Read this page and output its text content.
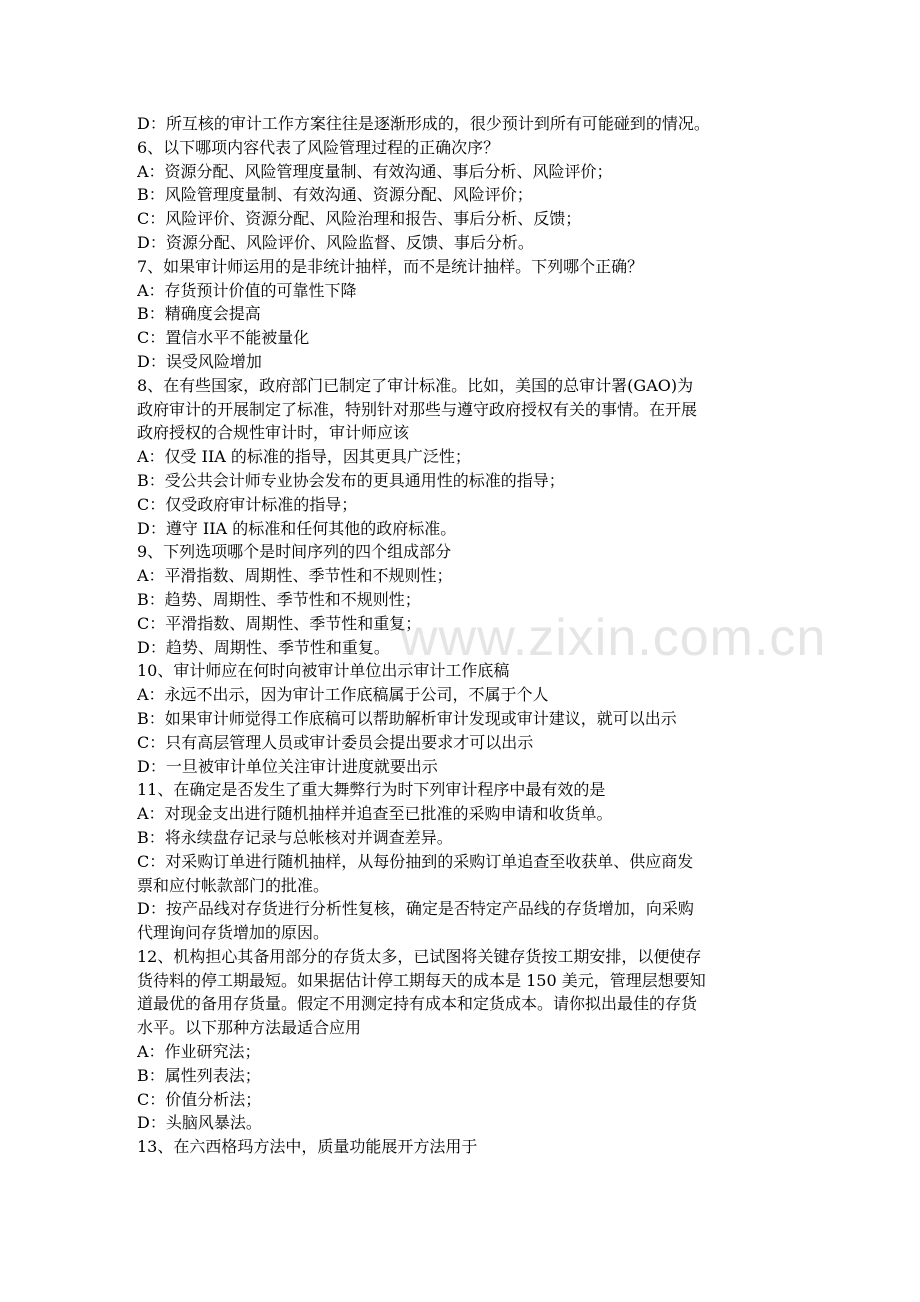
D：所互核的审计工作方案往往是逐渐形成的，很少预计到所有可能碰到的情况。
6、以下哪项内容代表了风险管理过程的正确次序？
A：资源分配、风险管理度量制、有效沟通、事后分析、风险评价；
B：风险管理度量制、有效沟通、资源分配、风险评价；
C：风险评价、资源分配、风险治理和报告、事后分析、反馈；
D：资源分配、风险评价、风险监督、反馈、事后分析。
7、如果审计师运用的是非统计抽样，而不是统计抽样。下列哪个正确？
A：存货预计价值的可靠性下降
B：精确度会提高
C：置信水平不能被量化
D：误受风险增加
8、在有些国家，政府部门已制定了审计标准。比如，美国的总审计署(GAO)为
政府审计的开展制定了标准，特别针对那些与遵守政府授权有关的事情。在开展
政府授权的合规性审计时，审计师应该
A：仅受 IIA 的标准的指导，因其更具广泛性；
B：受公共会计师专业协会发布的更具通用性的标准的指导；
C：仅受政府审计标准的指导；
D：遵守 IIA 的标准和任何其他的政府标准。
9、下列选项哪个是时间序列的四个组成部分
A：平滑指数、周期性、季节性和不规则性；
B：趋势、周期性、季节性和不规则性；
C：平滑指数、周期性、季节性和重复；
D：趋势、周期性、季节性和重复。
10、审计师应在何时向被审计单位出示审计工作底稿
A：永远不出示，因为审计工作底稿属于公司，不属于个人
B：如果审计师觉得工作底稿可以帮助解析审计发现或审计建议，就可以出示
C：只有高层管理人员或审计委员会提出要求才可以出示
D：一旦被审计单位关注审计进度就要出示
11、在确定是否发生了重大舞弊行为时下列审计程序中最有效的是
A：对现金支出进行随机抽样并追查至已批准的采购申请和收货单。
B：将永续盘存记录与总帐核对并调查差异。
C：对采购订单进行随机抽样，从每份抽到的采购订单追查至收获单、供应商发
票和应付帐款部门的批准。
D：按产品线对存货进行分析性复核，确定是否特定产品线的存货增加，向采购
代理询问存货增加的原因。
12、机构担心其备用部分的存货太多，已试图将关键存货按工期安排，以便使存
货待料的停工期最短。如果据估计停工期每天的成本是 150 美元，管理层想要知
道最优的备用存货量。假定不用测定持有成本和定货成本。请你拟出最佳的存货
水平。以下那种方法最适合应用
A：作业研究法；
B：属性列表法；
C：价值分析法；
D：头脑风暴法。
13、在六西格玛方法中，质量功能展开方法用于
www.zixin.com.cn
